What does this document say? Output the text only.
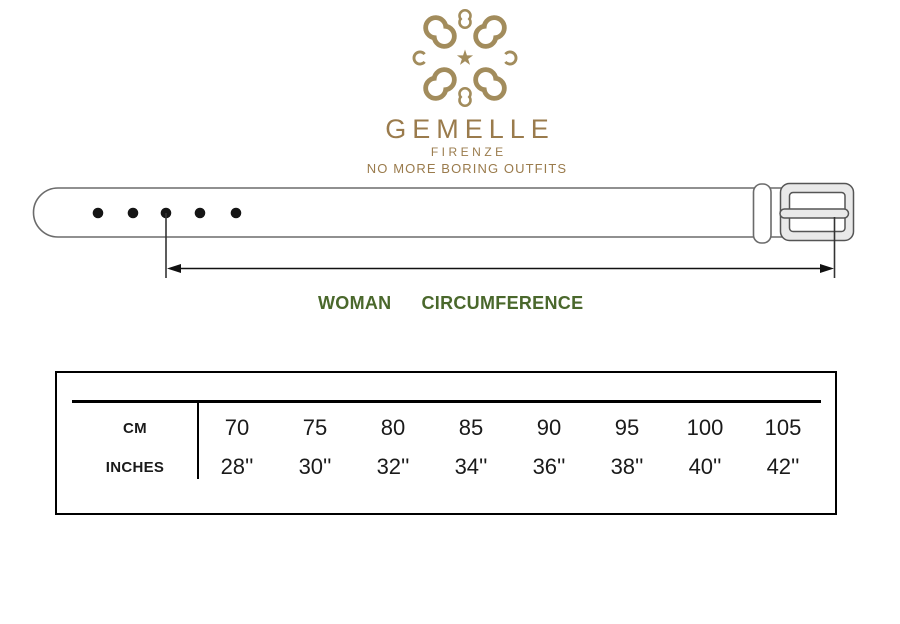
GEMELLE
FIRENZE
NO MORE BORING OUTFITS
WOMAN CIRCUMFERENCE
CM	70	75	80	85	90	95	100	105
INCHES	28''	30''	32''	34''	36''	38''	40''	42''
